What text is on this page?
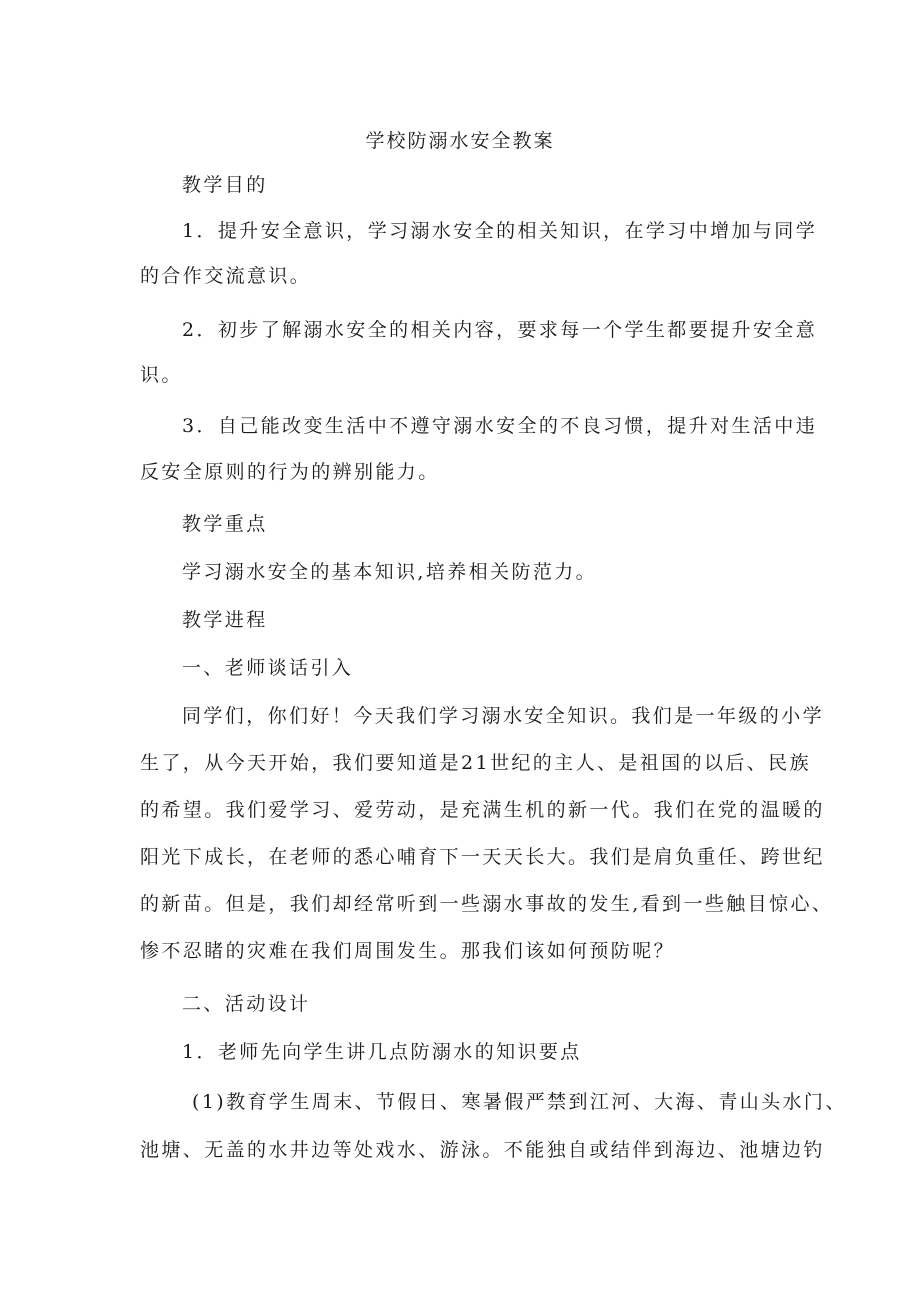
学校防溺水安全教案
教学目的
1．提升安全意识，学习溺水安全的相关知识，在学习中增加与同学
的合作交流意识。
2．初步了解溺水安全的相关内容，要求每一个学生都要提升安全意
识。
3．自己能改变生活中不遵守溺水安全的不良习惯，提升对生活中违
反安全原则的行为的辨别能力。
教学重点
学习溺水安全的基本知识,培养相关防范力。
教学进程
一、老师谈话引入
同学们，你们好！今天我们学习溺水安全知识。我们是一年级的小学
生了，从今天开始，我们要知道是21世纪的主人、是祖国的以后、民族
的希望。我们爱学习、爱劳动，是充满生机的新一代。我们在党的温暖的
阳光下成长，在老师的悉心哺育下一天天长大。我们是肩负重任、跨世纪
的新苗。但是，我们却经常听到一些溺水事故的发生,看到一些触目惊心、
惨不忍睹的灾难在我们周围发生。那我们该如何预防呢？
二、活动设计
1．老师先向学生讲几点防溺水的知识要点
(1)教育学生周末、节假日、寒暑假严禁到江河、大海、青山头水门、
池塘、无盖的水井边等处戏水、游泳。不能独自或结伴到海边、池塘边钓
